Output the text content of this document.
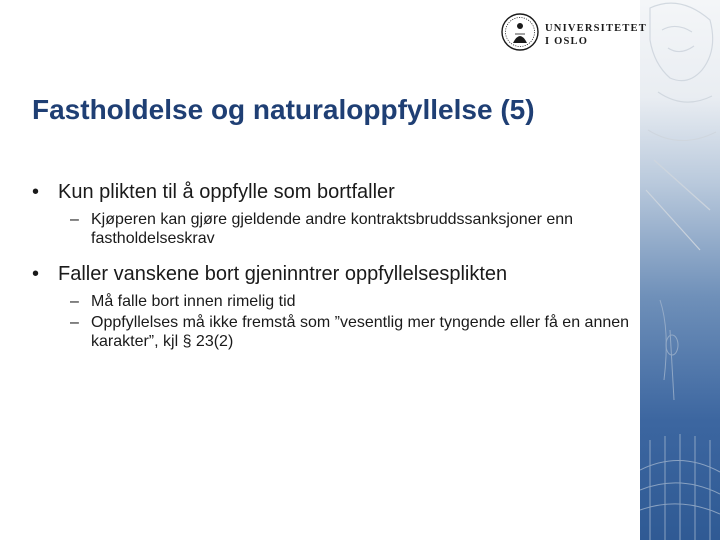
UNIVERSITETET
I OSLO
Fastholdelse og naturaloppfyllelse (5)
• Kun plikten til å oppfylle som bortfaller
– Kjøperen kan gjøre gjeldende andre kontraktsbruddssanksjoner enn fastholdelseskrav
• Faller vanskene bort gjeninntrer oppfyllelsesplikten
– Må falle bort innen rimelig tid
– Oppfyllelses må ikke fremstå som ”vesentlig mer tyngende eller få en annen karakter”, kjl § 23(2)
